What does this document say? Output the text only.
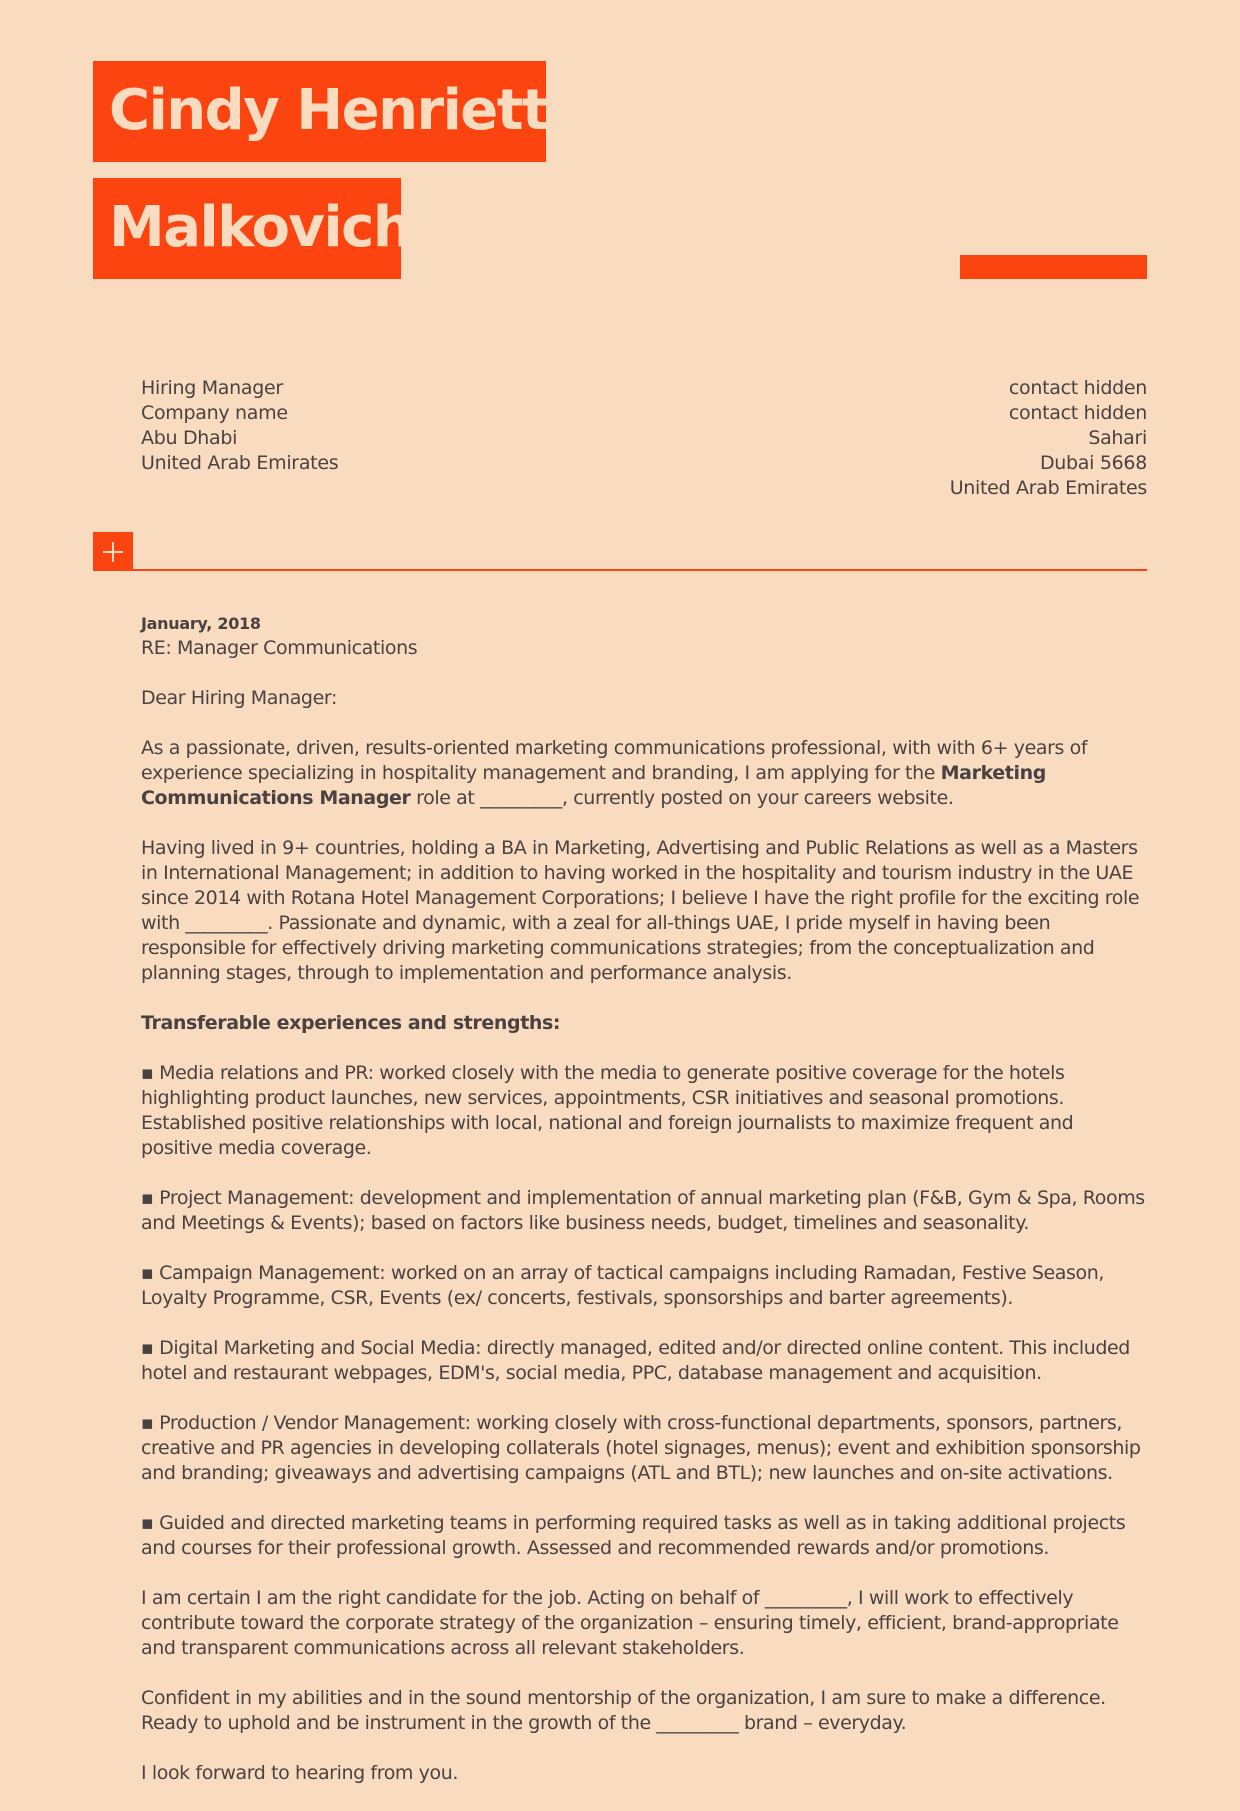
Cindy Henriette
Malkovich
Hiring Manager
Company name
Abu Dhabi
United Arab Emirates
contact hidden
contact hidden
Sahari
Dubai 5668
United Arab Emirates
January, 2018
RE: Manager Communications

Dear Hiring Manager:

As a passionate, driven, results-oriented marketing communications professional, with with 6+ years of experience specializing in hospitality management and branding, I am applying for the Marketing Communications Manager role at _________, currently posted on your careers website.

Having lived in 9+ countries, holding a BA in Marketing, Advertising and Public Relations as well as a Masters in International Management; in addition to having worked in the hospitality and tourism industry in the UAE since 2014 with Rotana Hotel Management Corporations; I believe I have the right profile for the exciting role with _________. Passionate and dynamic, with a zeal for all-things UAE, I pride myself in having been responsible for effectively driving marketing communications strategies; from the conceptualization and planning stages, through to implementation and performance analysis.

Transferable experiences and strengths:

▪ Media relations and PR: worked closely with the media to generate positive coverage for the hotels highlighting product launches, new services, appointments, CSR initiatives and seasonal promotions. Established positive relationships with local, national and foreign journalists to maximize frequent and positive media coverage.

▪ Project Management: development and implementation of annual marketing plan (F&B, Gym & Spa, Rooms and Meetings & Events); based on factors like business needs, budget, timelines and seasonality.

▪ Campaign Management: worked on an array of tactical campaigns including Ramadan, Festive Season, Loyalty Programme, CSR, Events (ex/ concerts, festivals, sponsorships and barter agreements).

▪ Digital Marketing and Social Media: directly managed, edited and/or directed online content. This included hotel and restaurant webpages, EDM's, social media, PPC, database management and acquisition.

▪ Production / Vendor Management: working closely with cross-functional departments, sponsors, partners, creative and PR agencies in developing collaterals (hotel signages, menus); event and exhibition sponsorship and branding; giveaways and advertising campaigns (ATL and BTL); new launches and on-site activations.

▪ Guided and directed marketing teams in performing required tasks as well as in taking additional projects and courses for their professional growth. Assessed and recommended rewards and/or promotions.

I am certain I am the right candidate for the job. Acting on behalf of _________, I will work to effectively contribute toward the corporate strategy of the organization – ensuring timely, efficient, brand-appropriate and transparent communications across all relevant stakeholders.

Confident in my abilities and in the sound mentorship of the organization, I am sure to make a difference. Ready to uphold and be instrument in the growth of the _________ brand – everyday.

I look forward to hearing from you.
